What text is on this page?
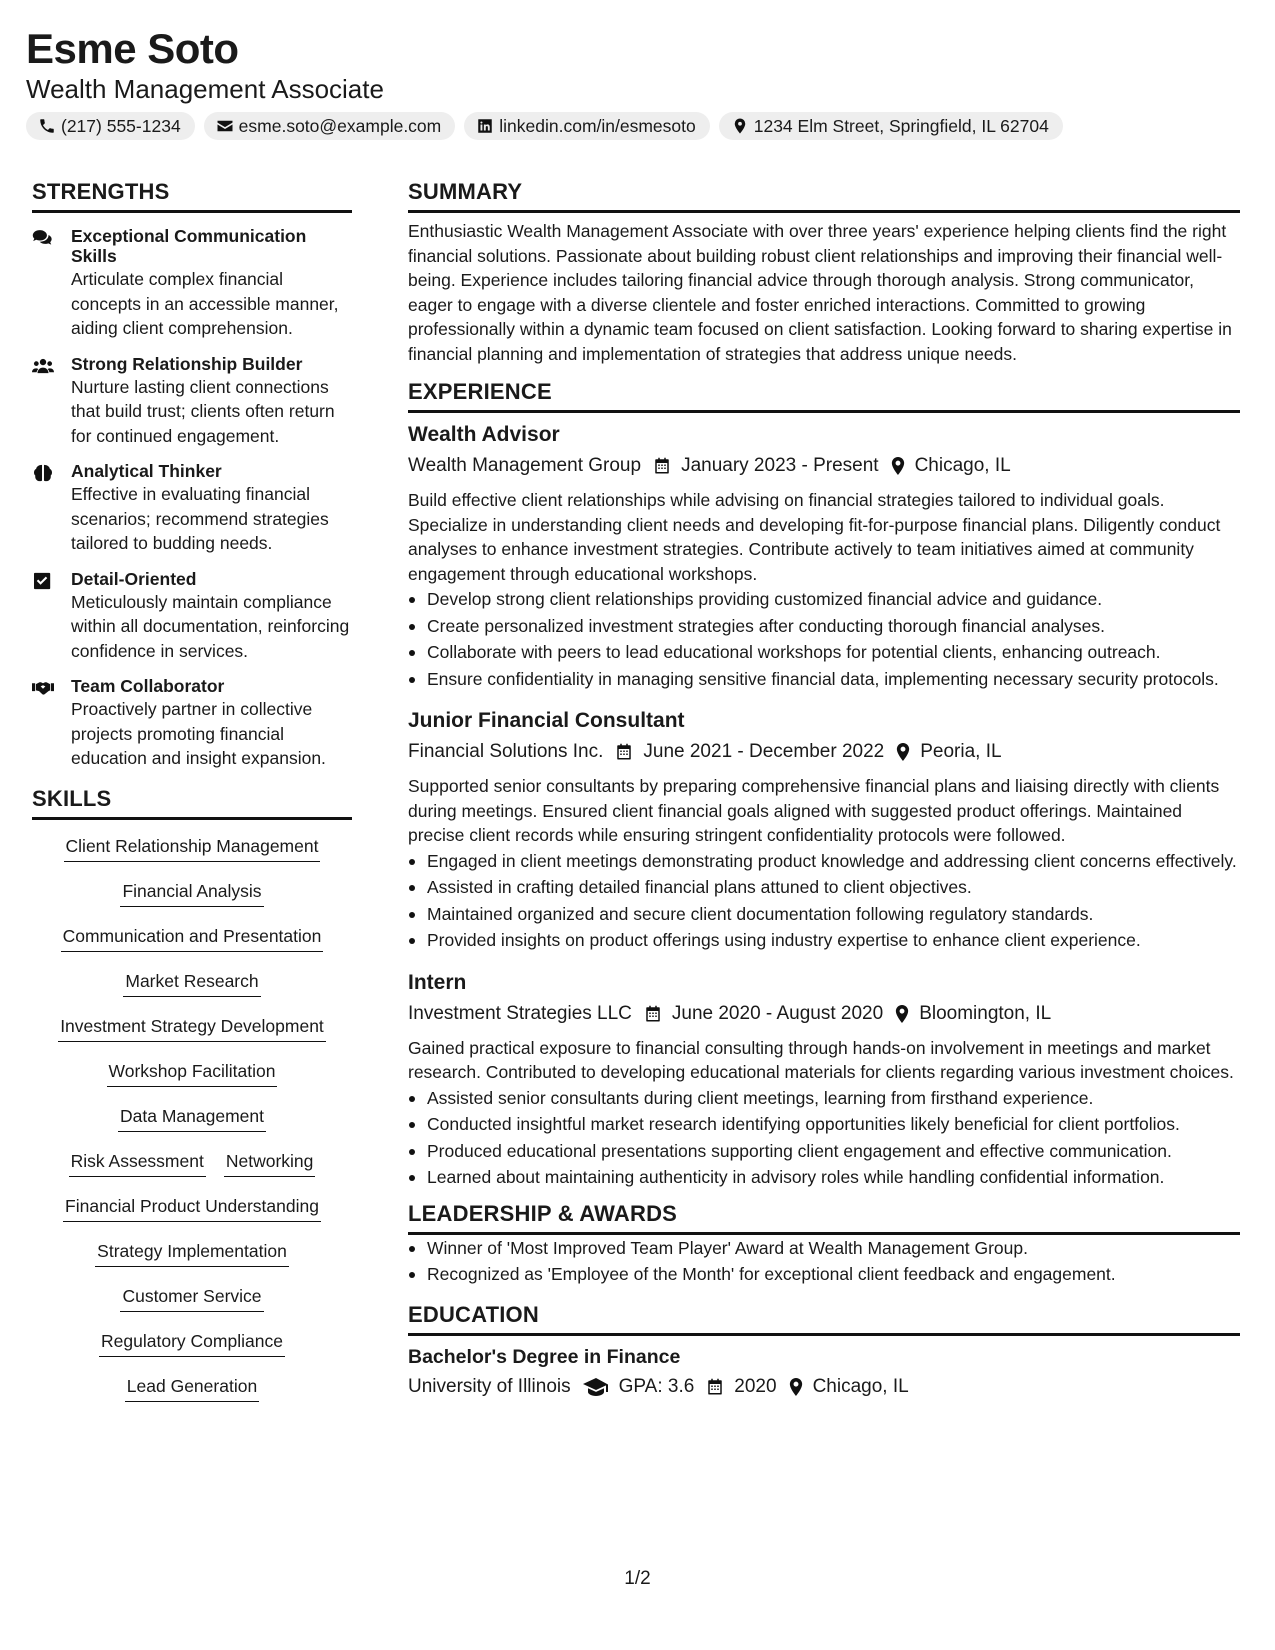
Esme Soto
Wealth Management Associate
(217) 555-1234	esme.soto@example.com	linkedin.com/in/esmesoto	1234 Elm Street, Springfield, IL 62704
STRENGTHS
Exceptional Communication Skills
Articulate complex financial concepts in an accessible manner, aiding client comprehension.
Strong Relationship Builder
Nurture lasting client connections that build trust; clients often return for continued engagement.
Analytical Thinker
Effective in evaluating financial scenarios; recommend strategies tailored to budding needs.
Detail-Oriented
Meticulously maintain compliance within all documentation, reinforcing confidence in services.
Team Collaborator
Proactively partner in collective projects promoting financial education and insight expansion.
SKILLS
Client Relationship Management
Financial Analysis
Communication and Presentation
Market Research
Investment Strategy Development
Workshop Facilitation
Data Management
Risk Assessment Networking
Financial Product Understanding
Strategy Implementation
Customer Service
Regulatory Compliance
Lead Generation
SUMMARY
Enthusiastic Wealth Management Associate with over three years' experience helping clients find the right financial solutions. Passionate about building robust client relationships and improving their financial well-being. Experience includes tailoring financial advice through thorough analysis. Strong communicator, eager to engage with a diverse clientele and foster enriched interactions. Committed to growing professionally within a dynamic team focused on client satisfaction. Looking forward to sharing expertise in financial planning and implementation of strategies that address unique needs.
EXPERIENCE
Wealth Advisor
Wealth Management Group January 2023 - Present Chicago, IL
Build effective client relationships while advising on financial strategies tailored to individual goals. Specialize in understanding client needs and developing fit-for-purpose financial plans. Diligently conduct analyses to enhance investment strategies. Contribute actively to team initiatives aimed at community engagement through educational workshops.
Develop strong client relationships providing customized financial advice and guidance.
Create personalized investment strategies after conducting thorough financial analyses.
Collaborate with peers to lead educational workshops for potential clients, enhancing outreach.
Ensure confidentiality in managing sensitive financial data, implementing necessary security protocols.
Junior Financial Consultant
Financial Solutions Inc. June 2021 - December 2022 Peoria, IL
Supported senior consultants by preparing comprehensive financial plans and liaising directly with clients during meetings. Ensured client financial goals aligned with suggested product offerings. Maintained precise client records while ensuring stringent confidentiality protocols were followed.
Engaged in client meetings demonstrating product knowledge and addressing client concerns effectively.
Assisted in crafting detailed financial plans attuned to client objectives.
Maintained organized and secure client documentation following regulatory standards.
Provided insights on product offerings using industry expertise to enhance client experience.
Intern
Investment Strategies LLC June 2020 - August 2020 Bloomington, IL
Gained practical exposure to financial consulting through hands-on involvement in meetings and market research. Contributed to developing educational materials for clients regarding various investment choices.
Assisted senior consultants during client meetings, learning from firsthand experience.
Conducted insightful market research identifying opportunities likely beneficial for client portfolios.
Produced educational presentations supporting client engagement and effective communication.
Learned about maintaining authenticity in advisory roles while handling confidential information.
LEADERSHIP & AWARDS
Winner of 'Most Improved Team Player' Award at Wealth Management Group.
Recognized as 'Employee of the Month' for exceptional client feedback and engagement.
EDUCATION
Bachelor's Degree in Finance
University of Illinois	GPA: 3.6 2020 Chicago, IL
1/2
